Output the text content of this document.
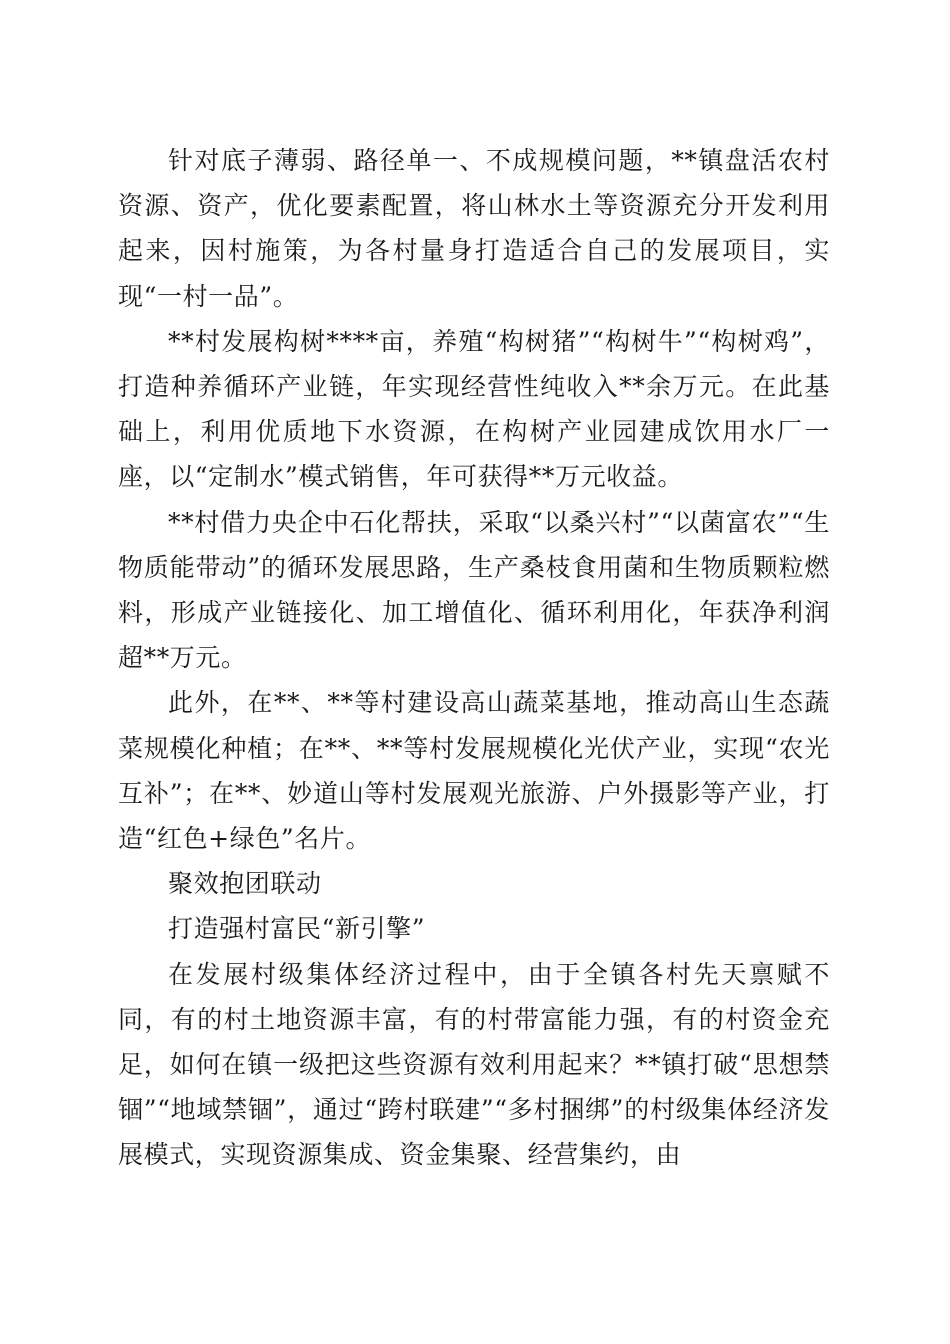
针对底子薄弱、路径单一、不成规模问题，**镇盘活农村资源、资产，优化要素配置，将山林水土等资源充分开发利用起来，因村施策，为各村量身打造适合自己的发展项目，实现“一村一品”。

**村发展构树****亩，养殖“构树猪”“构树牛”“构树鸡”，打造种养循环产业链，年实现经营性纯收入**余万元。在此基础上，利用优质地下水资源，在构树产业园建成饮用水厂一座，以“定制水”模式销售，年可获得**万元收益。

**村借力央企中石化帮扶，采取“以桑兴村”“以菌富农”“生物质能带动”的循环发展思路，生产桑枝食用菌和生物质颗粒燃料，形成产业链接化、加工增值化、循环利用化，年获净利润超**万元。

此外，在**、**等村建设高山蔬菜基地，推动高山生态蔬菜规模化种植；在**、**等村发展规模化光伏产业，实现“农光互补”；在**、妙道山等村发展观光旅游、户外摄影等产业，打造“红色+绿色”名片。

聚效抱团联动

打造强村富民“新引擎”

在发展村级集体经济过程中，由于全镇各村先天禀赋不同，有的村土地资源丰富，有的村带富能力强，有的村资金充足，如何在镇一级把这些资源有效利用起来？**镇打破“思想禁锢”“地域禁锢”，通过“跨村联建”“多村捆绑”的村级集体经济发展模式，实现资源集成、资金集聚、经营集约，由
